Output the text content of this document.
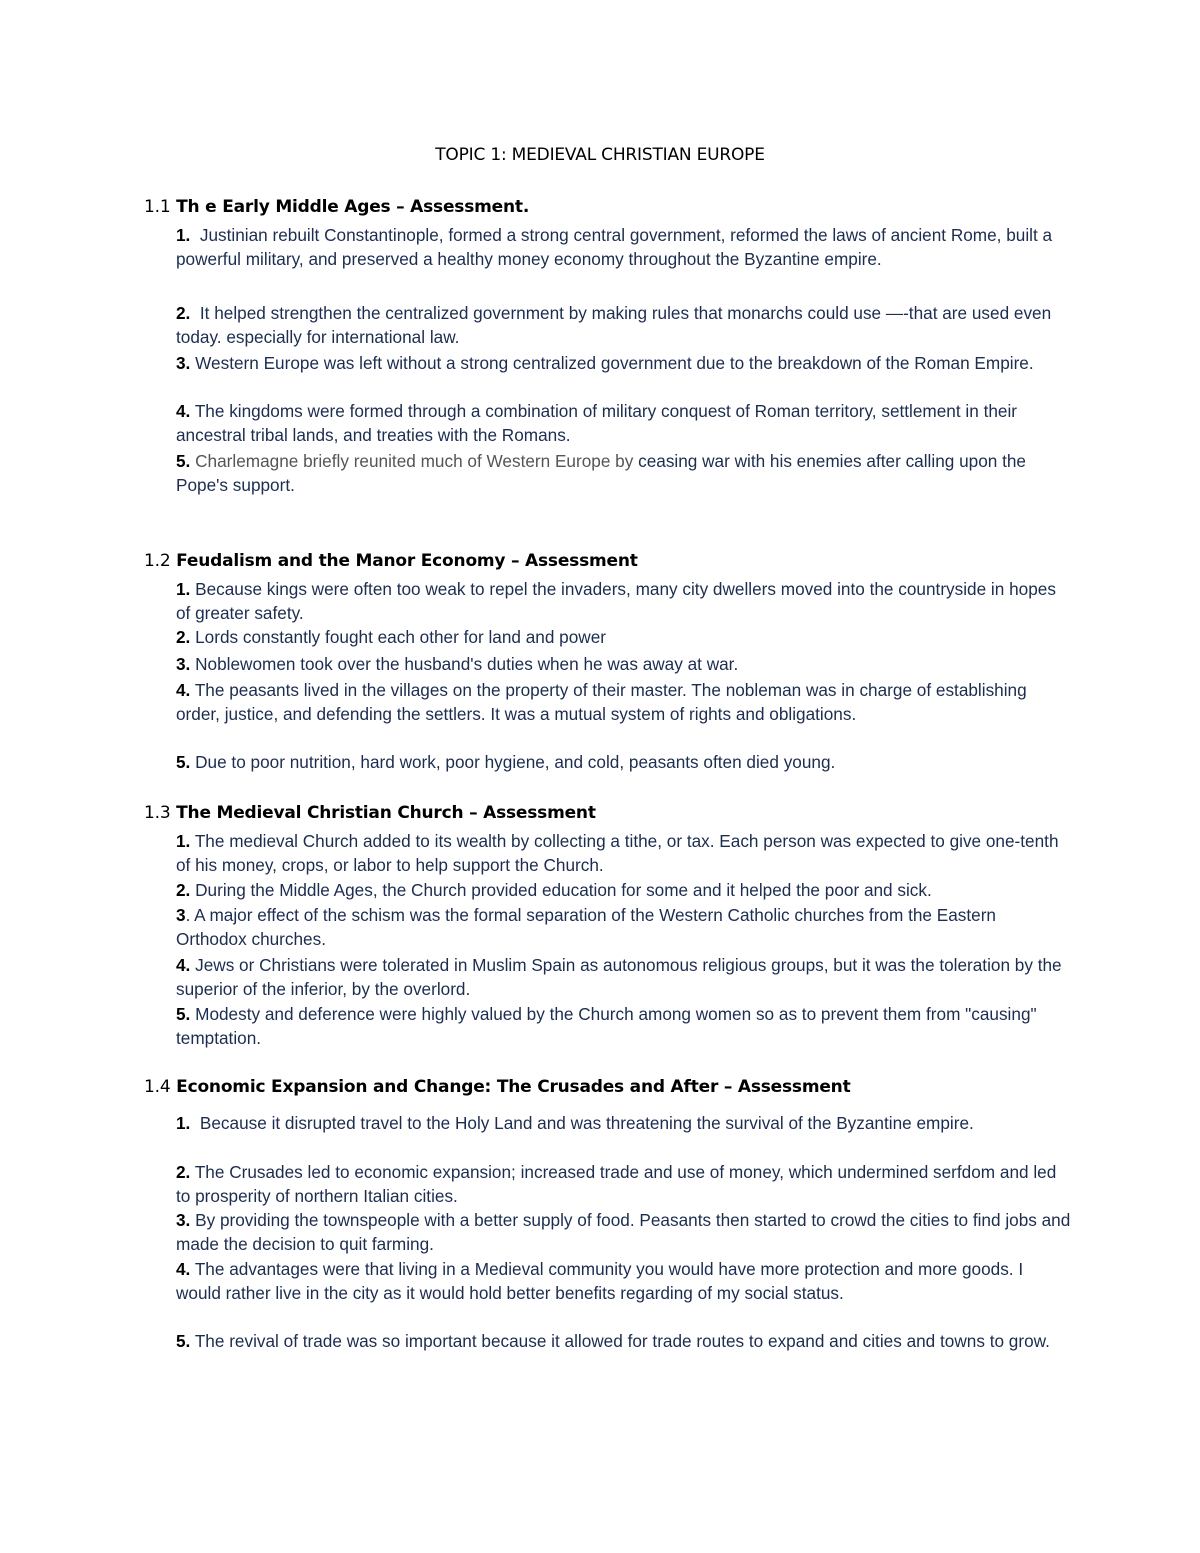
TOPIC 1: MEDIEVAL CHRISTIAN EUROPE
1.1 Th e Early Middle Ages – Assessment.
1. Justinian rebuilt Constantinople, formed a strong central government, reformed the laws of ancient Rome, built a powerful military, and preserved a healthy money economy throughout the Byzantine empire.
2. It helped strengthen the centralized government by making rules that monarchs could use —-that are used even today. especially for international law.
3. Western Europe was left without a strong centralized government due to the breakdown of the Roman Empire.
4. The kingdoms were formed through a combination of military conquest of Roman territory, settlement in their ancestral tribal lands, and treaties with the Romans.
5. Charlemagne briefly reunited much of Western Europe by ceasing war with his enemies after calling upon the Pope's support.
1.2 Feudalism and the Manor Economy – Assessment
1. Because kings were often too weak to repel the invaders, many city dwellers moved into the countryside in hopes of greater safety.
2. Lords constantly fought each other for land and power
3. Noblewomen took over the husband's duties when he was away at war.
4. The peasants lived in the villages on the property of their master. The nobleman was in charge of establishing order, justice, and defending the settlers. It was a mutual system of rights and obligations.
5. Due to poor nutrition, hard work, poor hygiene, and cold, peasants often died young.
1.3 The Medieval Christian Church – Assessment
1. The medieval Church added to its wealth by collecting a tithe, or tax. Each person was expected to give one-tenth of his money, crops, or labor to help support the Church.
2. During the Middle Ages, the Church provided education for some and it helped the poor and sick.
3. A major effect of the schism was the formal separation of the Western Catholic churches from the Eastern Orthodox churches.
4. Jews or Christians were tolerated in Muslim Spain as autonomous religious groups, but it was the toleration by the superior of the inferior, by the overlord.
5. Modesty and deference were highly valued by the Church among women so as to prevent them from "causing" temptation.
1.4 Economic Expansion and Change: The Crusades and After – Assessment
1. Because it disrupted travel to the Holy Land and was threatening the survival of the Byzantine empire.
2. The Crusades led to economic expansion; increased trade and use of money, which undermined serfdom and led to prosperity of northern Italian cities.
3. By providing the townspeople with a better supply of food. Peasants then started to crowd the cities to find jobs and made the decision to quit farming.
4. The advantages were that living in a Medieval community you would have more protection and more goods. I would rather live in the city as it would hold better benefits regarding of my social status.
5. The revival of trade was so important because it allowed for trade routes to expand and cities and towns to grow.
